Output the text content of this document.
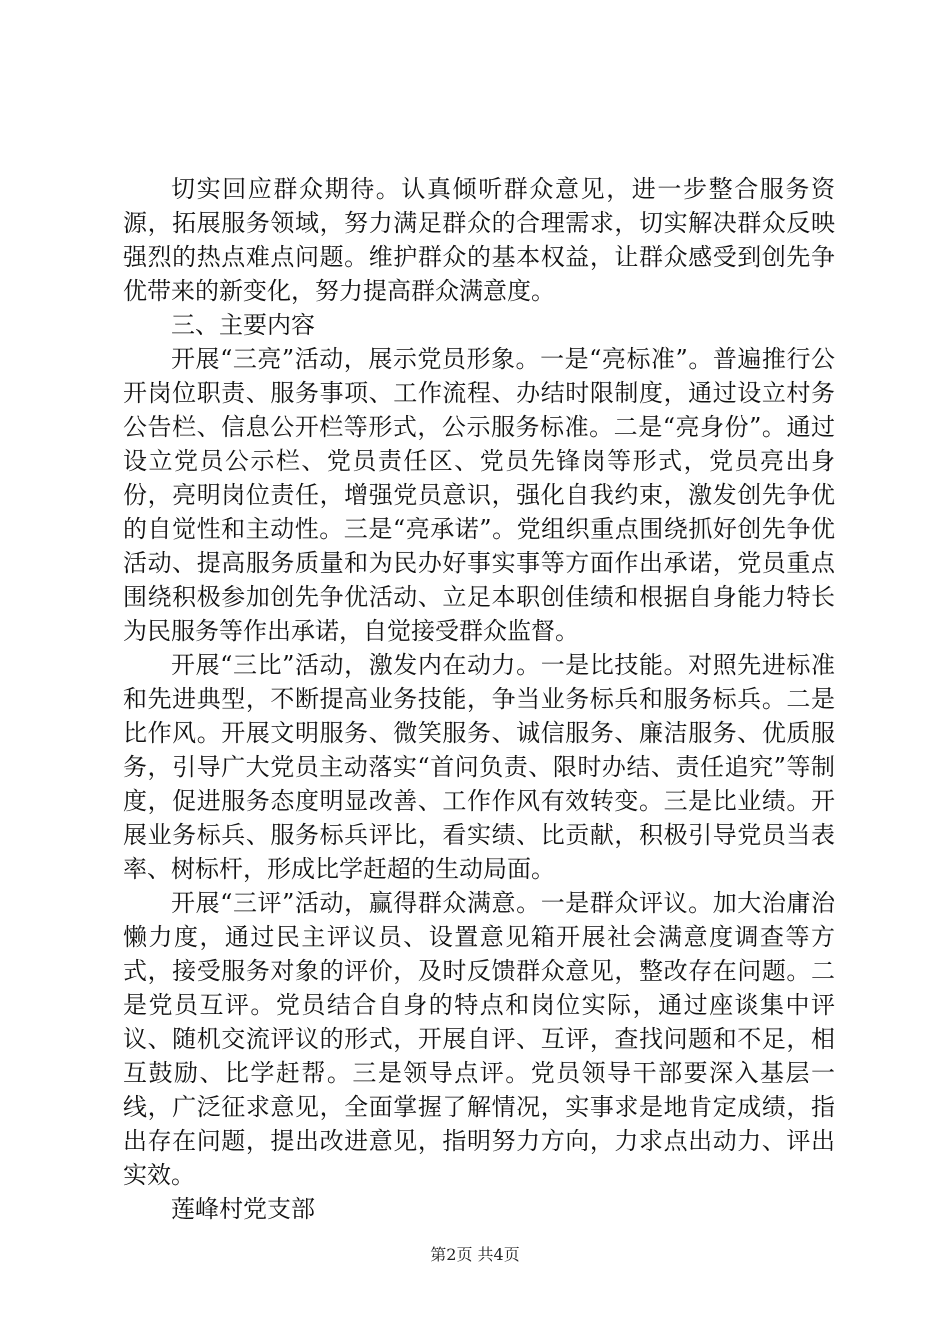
切实回应群众期待。认真倾听群众意见，进一步整合服务资源，拓展服务领域，努力满足群众的合理需求，切实解决群众反映强烈的热点难点问题。维护群众的基本权益，让群众感受到创先争优带来的新变化，努力提高群众满意度。

三、主要内容

开展“三亮”活动，展示党员形象。一是“亮标准”。普遍推行公开岗位职责、服务事项、工作流程、办结时限制度，通过设立村务公告栏、信息公开栏等形式，公示服务标准。二是“亮身份”。通过设立党员公示栏、党员责任区、党员先锋岗等形式，党员亮出身份，亮明岗位责任，增强党员意识，强化自我约束，激发创先争优的自觉性和主动性。三是“亮承诺”。党组织重点围绕抓好创先争优活动、提高服务质量和为民办好事实事等方面作出承诺，党员重点围绕积极参加创先争优活动、立足本职创佳绩和根据自身能力特长为民服务等作出承诺，自觉接受群众监督。

开展“三比”活动，激发内在动力。一是比技能。对照先进标准和先进典型，不断提高业务技能，争当业务标兵和服务标兵。二是比作风。开展文明服务、微笑服务、诚信服务、廉洁服务、优质服务，引导广大党员主动落实“首问负责、限时办结、责任追究”等制度，促进服务态度明显改善、工作作风有效转变。三是比业绩。开展业务标兵、服务标兵评比，看实绩、比贡献，积极引导党员当表率、树标杆，形成比学赶超的生动局面。

开展“三评”活动，赢得群众满意。一是群众评议。加大治庸治懒力度，通过民主评议员、设置意见箱开展社会满意度调查等方式，接受服务对象的评价，及时反馈群众意见，整改存在问题。二是党员互评。党员结合自身的特点和岗位实际，通过座谈集中评议、随机交流评议的形式，开展自评、互评，查找问题和不足，相互鼓励、比学赶帮。三是领导点评。党员领导干部要深入基层一线，广泛征求意见，全面掌握了解情况，实事求是地肯定成绩，指出存在问题，提出改进意见，指明努力方向，力求点出动力、评出实效。

莲峰村党支部

第2页 共4页
